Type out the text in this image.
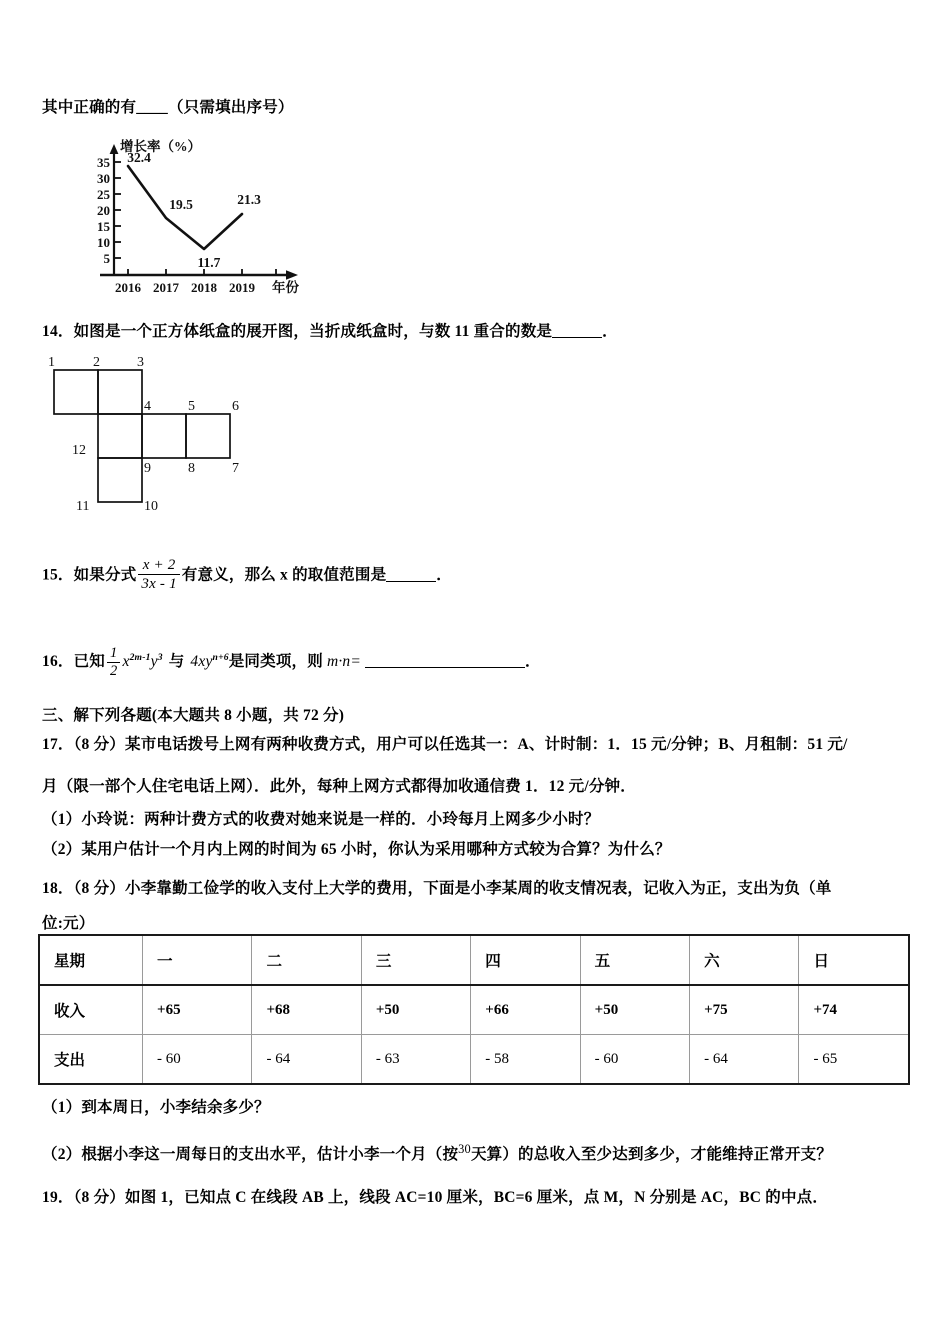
其中正确的有____（只需填出序号）
35
30
25
20
15
10
5
增长率（%）
年份
2016 2017 2018 2019
32.4
19.5
11.7
21.3
14．如图是一个正方体纸盒的展开图，当折成纸盒时，与数 11 重合的数是	．
1	2	3
4	5	6
7
8
9
10
11
12
15．如果分式 $\frac{x + 2}{3x - 1}$ 有意义，那么 x 的取值范围是	．
16．已知 $\frac{1}{2} x^{2m-1}y^3$ 与 $4xy^{n+6}$是同类项，则 m·n=	．
三、解下列各题(本大题共 8 小题，共 72 分)
17．（8 分）某市电话拨号上网有两种收费方式，用户可以任选其一：A、计时制：1．15 元/分钟；B、月租制：51 元/
月（限一部个人住宅电话上网）．此外，每种上网方式都得加收通信费 1．12 元/分钟．
（1）小玲说：两种计费方式的收费对她来说是一样的．小玲每月上网多少小时？
（2）某用户估计一个月内上网的时间为 65 小时，你认为采用哪种方式较为合算？为什么？
18．（8 分）小李靠勤工俭学的收入支付上大学的费用，下面是小李某周的收支情况表，记收入为正，支出为负（单
位:元）
星期	一	二	三	四	五	六	日
收入	+65	+68	+50	+66	+50	+75	+74
支出	- 60	- 64	- 63	- 58	- 60	- 64	- 65
（1）到本周日，小李结余多少？
（2）根据小李这一周每日的支出水平，估计小李一个月（按$^{30}$天算）的总收入至少达到多少，才能维持正常开支？
19．（8 分）如图 1，已知点 C 在线段 AB 上，线段 AC=10 厘米，BC=6 厘米，点 M，N 分别是 AC，BC 的中点．
